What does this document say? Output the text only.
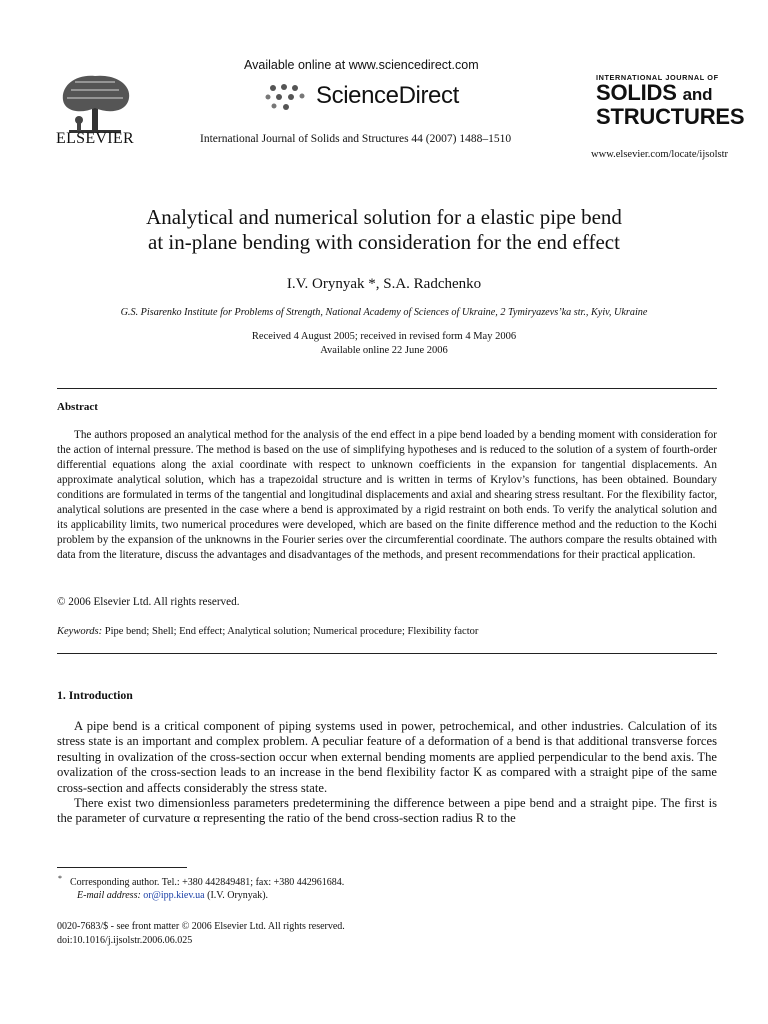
ELSEVIER
Available online at www.sciencedirect.com
ScienceDirect
International Journal of Solids and Structures 44 (2007) 1488–1510
INTERNATIONAL JOURNAL OF
SOLIDS and
STRUCTURES
www.elsevier.com/locate/ijsolstr
Analytical and numerical solution for a elastic pipe bend
at in-plane bending with consideration for the end effect
I.V. Orynyak *, S.A. Radchenko
G.S. Pisarenko Institute for Problems of Strength, National Academy of Sciences of Ukraine, 2 Tymiryazevs’ka str., Kyiv, Ukraine
Received 4 August 2005; received in revised form 4 May 2006
Available online 22 June 2006
Abstract

The authors proposed an analytical method for the analysis of the end effect in a pipe bend loaded by a bending moment with consideration for the action of internal pressure. The method is based on the use of simplifying hypotheses and is reduced to the solution of a system of fourth-order differential equations along the axial coordinate with respect to unknown coefficients in the expansion for tangential displacements. An approximate analytical solution, which has a trapezoidal structure and is written in terms of Krylov’s functions, has been obtained. Boundary conditions are formulated in terms of the tangential and longitudinal displacements and axial and shearing stress resultant. For the flexibility factor, analytical solutions are presented in the case where a bend is approximated by a rigid restraint on both ends. To verify the analytical solution and its applicability limits, two numerical procedures were developed, which are based on the finite difference method and the reduction to the Kochi problem by the expansion of the unknowns in the Fourier series over the circumferential coordinate. The authors compare the results obtained with data from the literature, discuss the advantages and disadvantages of the methods, and present recommendations for their practical application.

© 2006 Elsevier Ltd. All rights reserved.
Keywords: Pipe bend; Shell; End effect; Analytical solution; Numerical procedure; Flexibility factor
1. Introduction

A pipe bend is a critical component of piping systems used in power, petrochemical, and other industries. Calculation of its stress state is an important and complex problem. A peculiar feature of a deformation of a bend is that additional transverse forces resulting in ovalization of the cross-section occur when external bending moments are applied perpendicular to the bend axis. The ovalization of the cross-section leads to an increase in the bend flexibility factor K as compared with a straight pipe of the same cross-section and affects considerably the stress state.

There exist two dimensionless parameters predetermining the difference between a pipe bend and a straight pipe. The first is the parameter of curvature α representing the ratio of the bend cross-section radius R to the

* Corresponding author. Tel.: +380 442849481; fax: +380 442961684.
E-mail address: or@ipp.kiev.ua (I.V. Orynyak).
0020-7683/$ - see front matter © 2006 Elsevier Ltd. All rights reserved.
doi:10.1016/j.ijsolstr.2006.06.025
